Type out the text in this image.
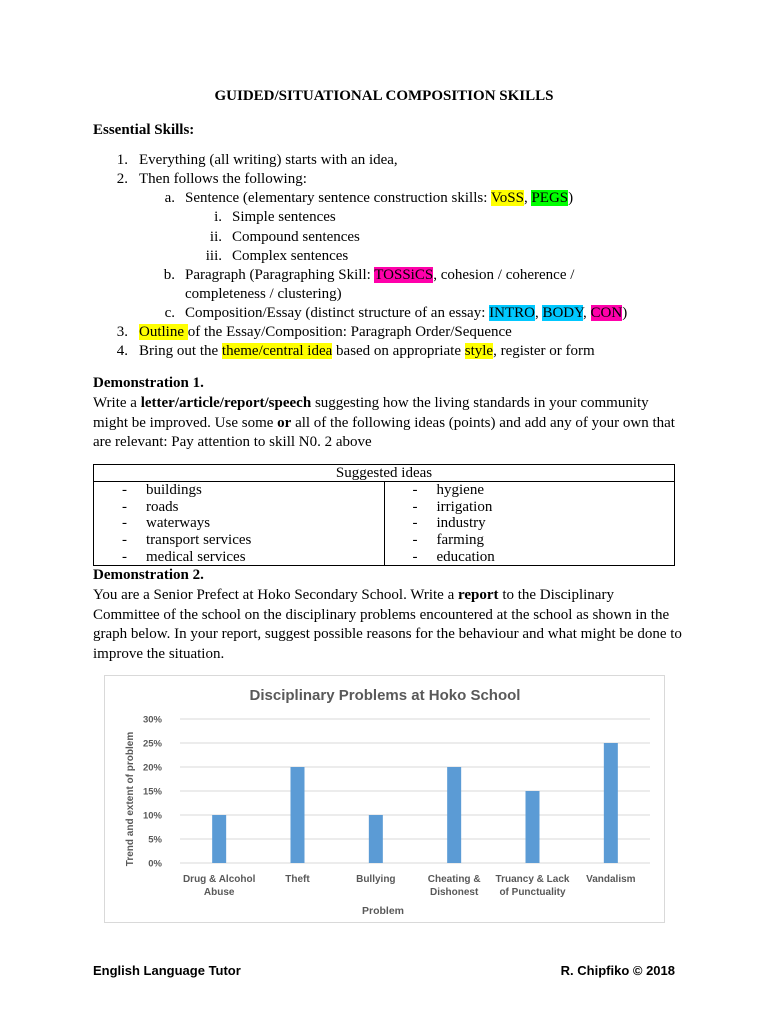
GUIDED/SITUATIONAL COMPOSITION SKILLS
Essential Skills:
1. Everything (all writing) starts with an idea,
2. Then follows the following:
a. Sentence (elementary sentence construction skills: VoSS, PEGS)
i. Simple sentences
ii. Compound sentences
iii. Complex sentences
b. Paragraph (Paragraphing Skill: TOSSiCS, cohesion / coherence /
completeness / clustering)
c. Composition/Essay (distinct structure of an essay: INTRO, BODY, CON)
3. Outline of the Essay/Composition: Paragraph Order/Sequence
4. Bring out the theme/central idea based on appropriate style, register or form
Demonstration 1.
Write a letter/article/report/speech suggesting how the living standards in your community might be improved. Use some or all of the following ideas (points) and add any of your own that are relevant: Pay attention to skill N0. 2 above
Suggested ideas

- buildings
- roads
- waterways
- transport services
- medical services

- hygiene
- irrigation
- industry
- farming
- education
Demonstration 2.
You are a Senior Prefect at Hoko Secondary School. Write a report to the Disciplinary Committee of the school on the disciplinary problems encountered at the school as shown in the graph below. In your report, suggest possible reasons for the behaviour and what might be done to improve the situation.
Disciplinary Problems at Hoko School
0%
5%
10%
15%
20%
25%
30%
Drug & Alcohol
Abuse
Theft	Bullying	Cheating &
Dishonest
Truancy & Lack
of Punctuality
Vandalism
Problem
Trend and extent of problem
English Language Tutor	R. Chipfiko © 2018
